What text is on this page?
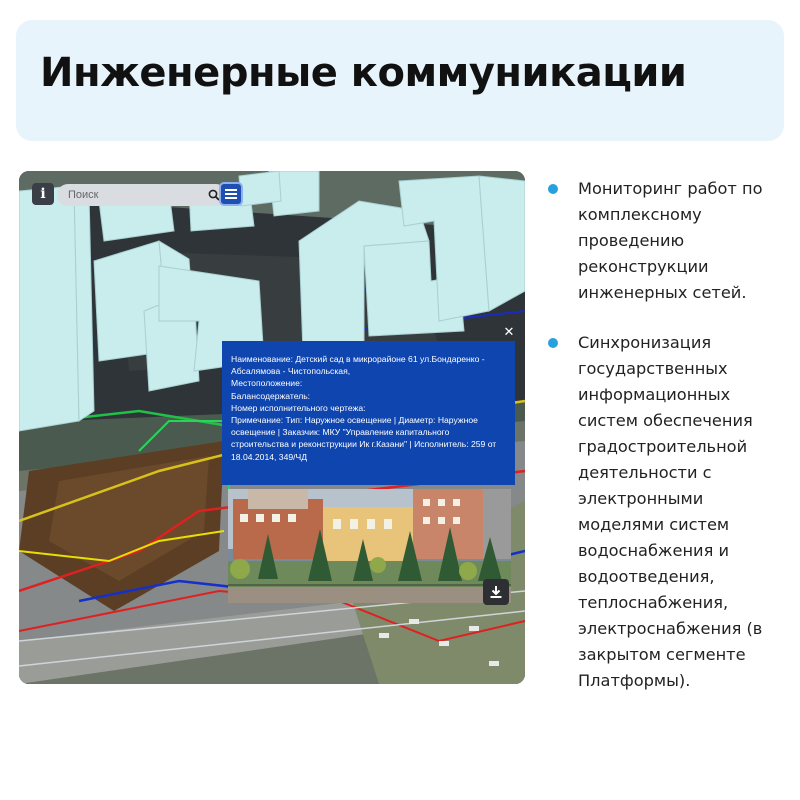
Инженерные коммуникации
i
Поиск
✕

Наименование: Детский сад в микрорайоне 61 ул.Бондаренко - Абсалямова - Чистопольская,

Местоположение:

Балансодержатель:

Номер исполнительного чертежа:

Примечание: Тип: Наружное освещение | Диаметр: Наружное освещение | Заказчик: МКУ "Управление капитального строительства и реконструкции Ик г.Казани" | Исполнитель: 259 от 18.04.2014, 349/ЧД

Мониторинг работ по комплексному проведению реконструкции инженерных сетей.
Синхронизация государственных информационных систем обеспечения градостроительной деятельности с электронными моделями систем водоснабжения и водоотведения, теплоснабжения, электроснабжения (в закрытом сегменте Платформы).
